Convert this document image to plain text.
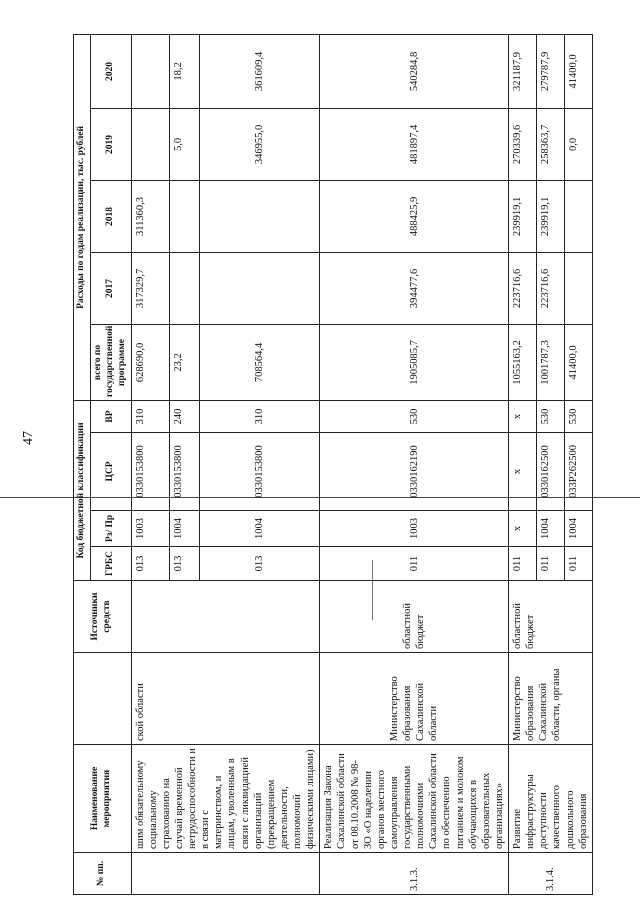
47
№ пп.	Наименование мероприятия		Источники средств	Код бюджетной классификации				Расходы по годам реализации, тыс. рублей				
				ГРБС	Рз/ Пр	ЦСР	ВР	всего по государственной программе	2017	2018	2019	2020
	шим обязательному социальному страхованию на случай временной нетрудоспособности и в связи с материнством, и лицам, уволенным в связи с ликвидацией организаций (прекращением деятельности, полномочий физическими лицами)	ской области		013	1003	0330153800	310	628690,0	317329,7	311360,3		
				013	1004	0330153800	240	23,2			5,0	18,2
				013	1004	0330153800	310	708564,4			346955,0	361609,4
3.1.3.	Реализация Закона Сахалинской области от 08.10.2008 № 98-ЗО «О наделении органов местного самоуправления государственными полномочиями Сахалинской области по обеспечению питанием и молоком обучающихся в образовательных организациях»	Министерство образования Сахалинской области	областной бюджет	011	1003	0330162190	530	1905085,7	394477,6	488425,9	481897,4	540284,8
3.1.4.	Развитие инфраструктуры доступности качественного дошкольного образования	Министерство образования Сахалинской области, органы	областной бюджет	011	x	x	x	1055163,2	223716,6	239919,1	270339,6	321187,9
				011	1004	0330162500	530	1001787,3	223716,6	239919,1	258363,7	279787,9
				011	1004	033P262500	530	41400,0			0,0	41400,0
